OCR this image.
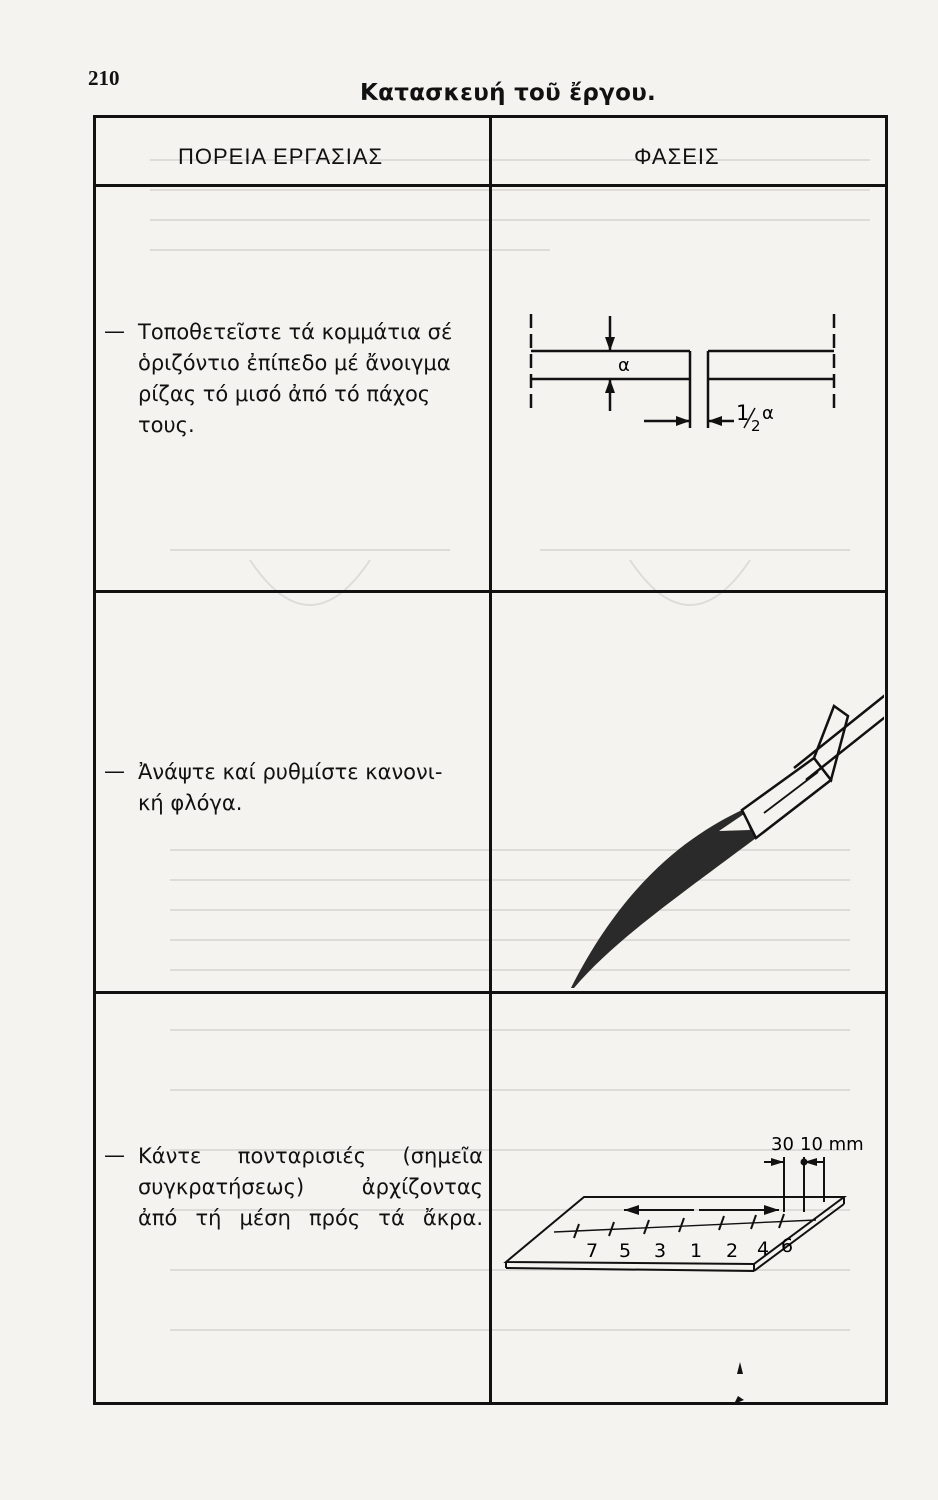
210
Κατασκευή τοῦ ἔργου.
ΠΟΡΕΙΑ ΕΡΓΑΣΙΑΣ	ΦΑΣΕΙΣ
— Τοποθετεῖστε τά κομμάτια σέ
ὁριζόντιο ἐπίπεδο μέ ἄνοιγμα
ρίζας τό μισό ἀπό τό πάχος
τους.
— Ἀνάψτε καί ρυθμίστε κανονι-
κή φλόγα.
— Κάντε πονταρισιές (σημεῖα
συγκρατήσεως) ἀρχίζοντας
ἀπό τή μέση πρός τά ἄκρα.
α
1
2
α
30 10 mm
7 5 3 1 2 4 6
